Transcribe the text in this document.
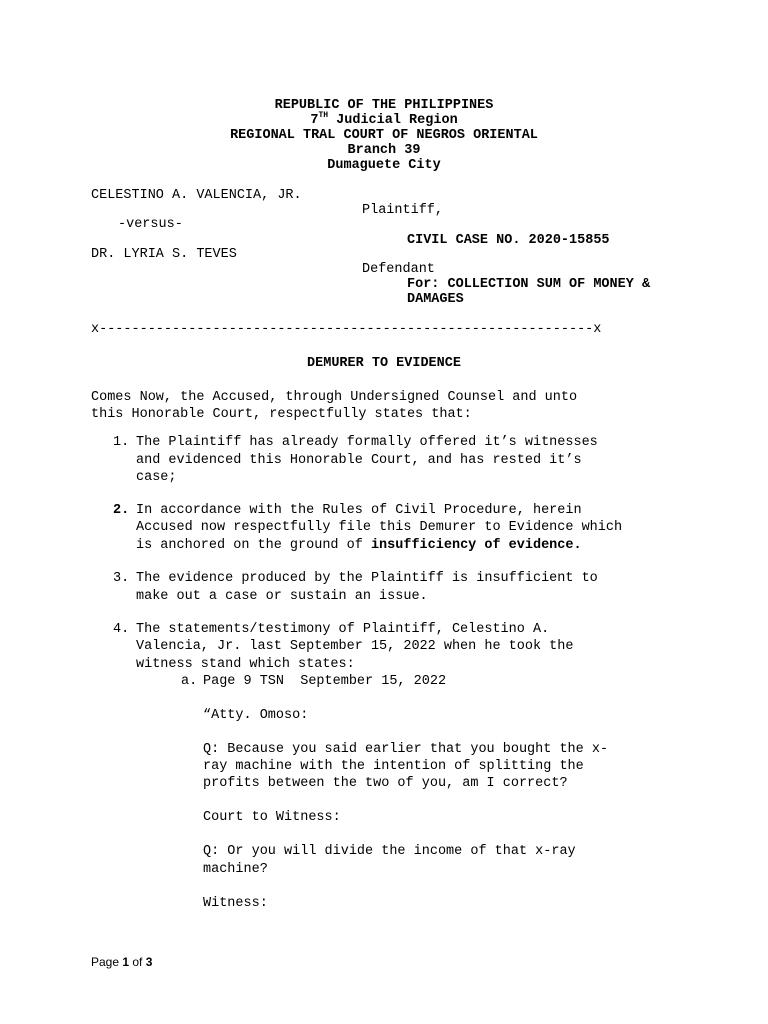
REPUBLIC OF THE PHILIPPINES
7TH Judicial Region
REGIONAL TRAL COURT OF NEGROS ORIENTAL
Branch 39
Dumaguete City
CELESTINO A. VALENCIA, JR.
Plaintiff,
-versus-
CIVIL CASE NO. 2020-15855
DR. LYRIA S. TEVES
Defendant
For: COLLECTION SUM OF MONEY &
DAMAGES
x-------------------------------------------------------------x
DEMURER TO EVIDENCE
Comes Now, the Accused, through Undersigned Counsel and unto
this Honorable Court, respectfully states that:
1. The Plaintiff has already formally offered it’s witnesses
and evidenced this Honorable Court, and has rested it’s
case;
2. In accordance with the Rules of Civil Procedure, herein
Accused now respectfully file this Demurer to Evidence which
is anchored on the ground of insufficiency of evidence.
3. The evidence produced by the Plaintiff is insufficient to
make out a case or sustain an issue.
4. The statements/testimony of Plaintiff, Celestino A.
Valencia, Jr. last September 15, 2022 when he took the
witness stand which states:
a. Page 9 TSN  September 15, 2022
“Atty. Omoso:
Q: Because you said earlier that you bought the x-
ray machine with the intention of splitting the
profits between the two of you, am I correct?
Court to Witness:
Q: Or you will divide the income of that x-ray
machine?
Witness:
Page 1 of 3
